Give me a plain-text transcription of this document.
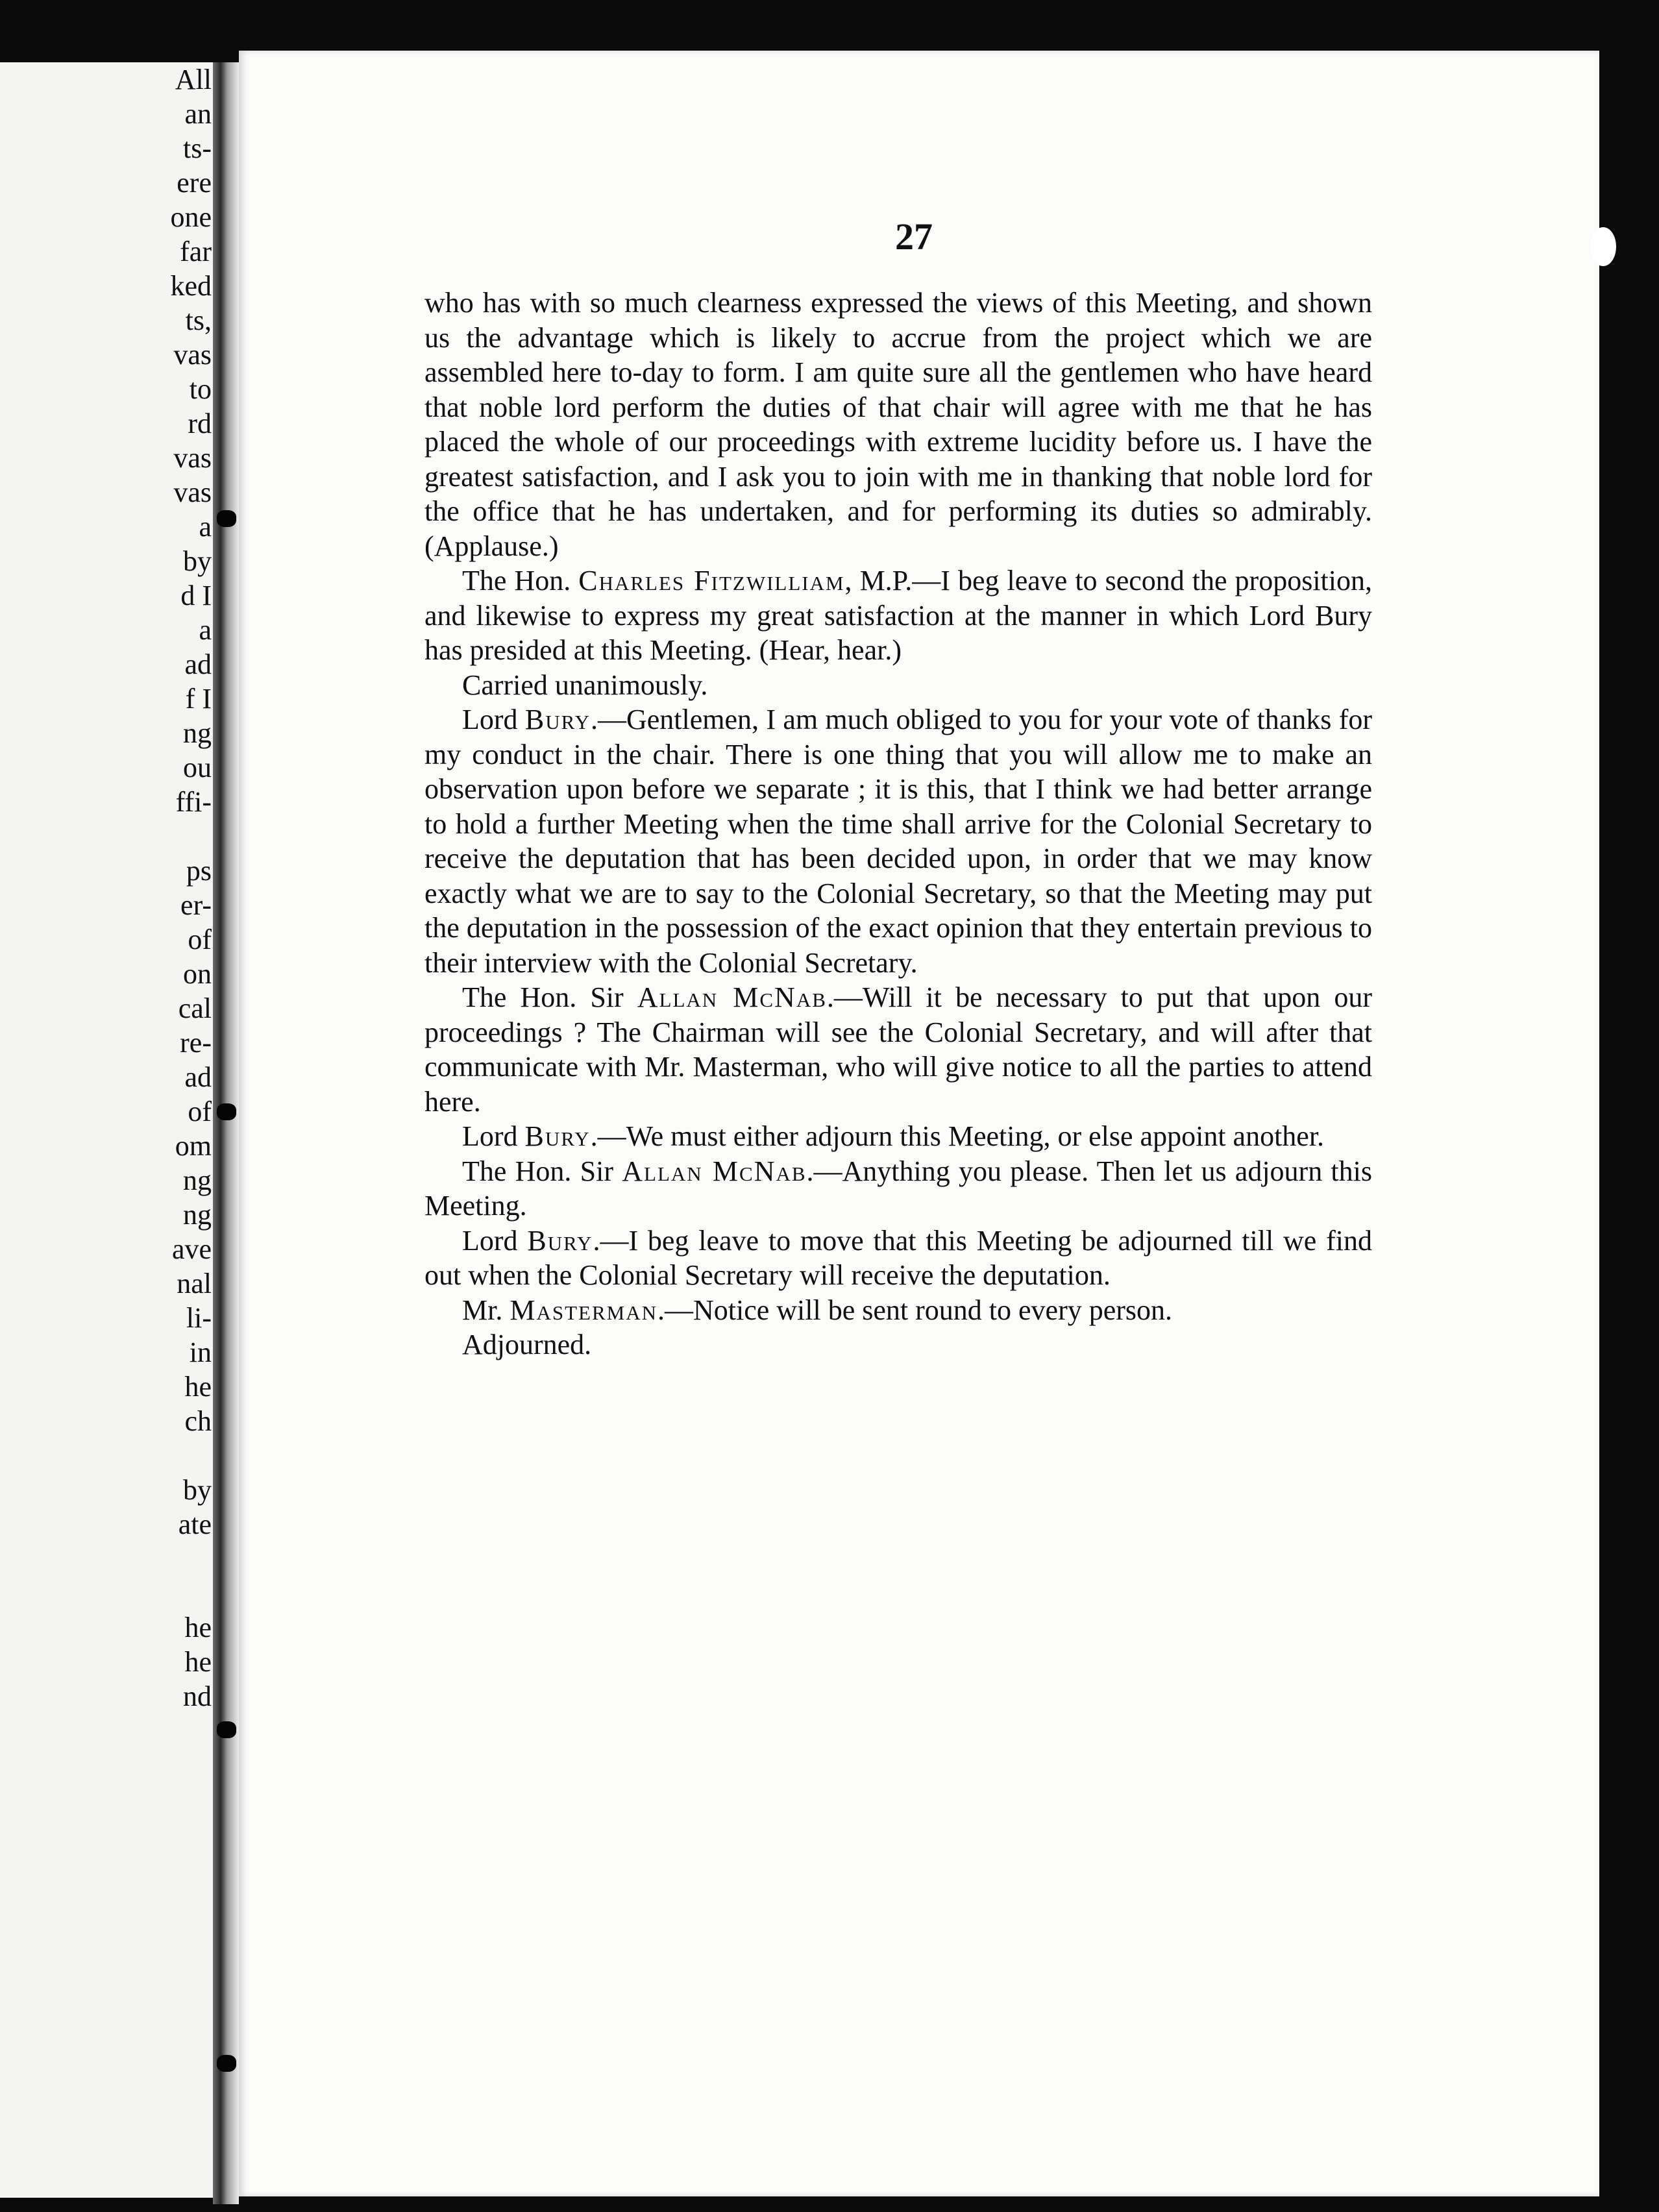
All
an
ts-
ere
one
far
ked
ts,
vas
to
rd
vas
vas
a
by
d I
a
ad
f I
ng
ou
ffi-
ps
er-
of
on
cal
re-
ad
of
om
ng
ng
ave
nal
li-
in
he
ch
by
ate
he
he
nd
27

who has with so much clearness expressed the views of this Meeting, and shown us the advantage which is likely to accrue from the project which we are assembled here to-day to form. I am quite sure all the gentlemen who have heard that noble lord perform the duties of that chair will agree with me that he has placed the whole of our proceedings with extreme lucidity before us. I have the greatest satisfaction, and I ask you to join with me in thanking that noble lord for the office that he has undertaken, and for performing its duties so admirably. (Applause.)

The Hon. Charles Fitzwilliam, M.P.—I beg leave to second the proposition, and likewise to express my great satisfaction at the manner in which Lord Bury has presided at this Meeting. (Hear, hear.)

Carried unanimously.

Lord Bury.—Gentlemen, I am much obliged to you for your vote of thanks for my conduct in the chair. There is one thing that you will allow me to make an observation upon before we separate ; it is this, that I think we had better arrange to hold a further Meeting when the time shall arrive for the Colonial Secretary to receive the deputation that has been decided upon, in order that we may know exactly what we are to say to the Colonial Secretary, so that the Meeting may put the deputation in the possession of the exact opinion that they entertain previous to their interview with the Colonial Secretary.

The Hon. Sir Allan McNab.—Will it be necessary to put that upon our proceedings ? The Chairman will see the Colonial Secretary, and will after that communicate with Mr. Masterman, who will give notice to all the parties to attend here.

Lord Bury.—We must either adjourn this Meeting, or else appoint another.

The Hon. Sir Allan McNab.—Anything you please. Then let us adjourn this Meeting.

Lord Bury.—I beg leave to move that this Meeting be adjourned till we find out when the Colonial Secretary will receive the deputation.

Mr. Masterman.—Notice will be sent round to every person.

Adjourned.
